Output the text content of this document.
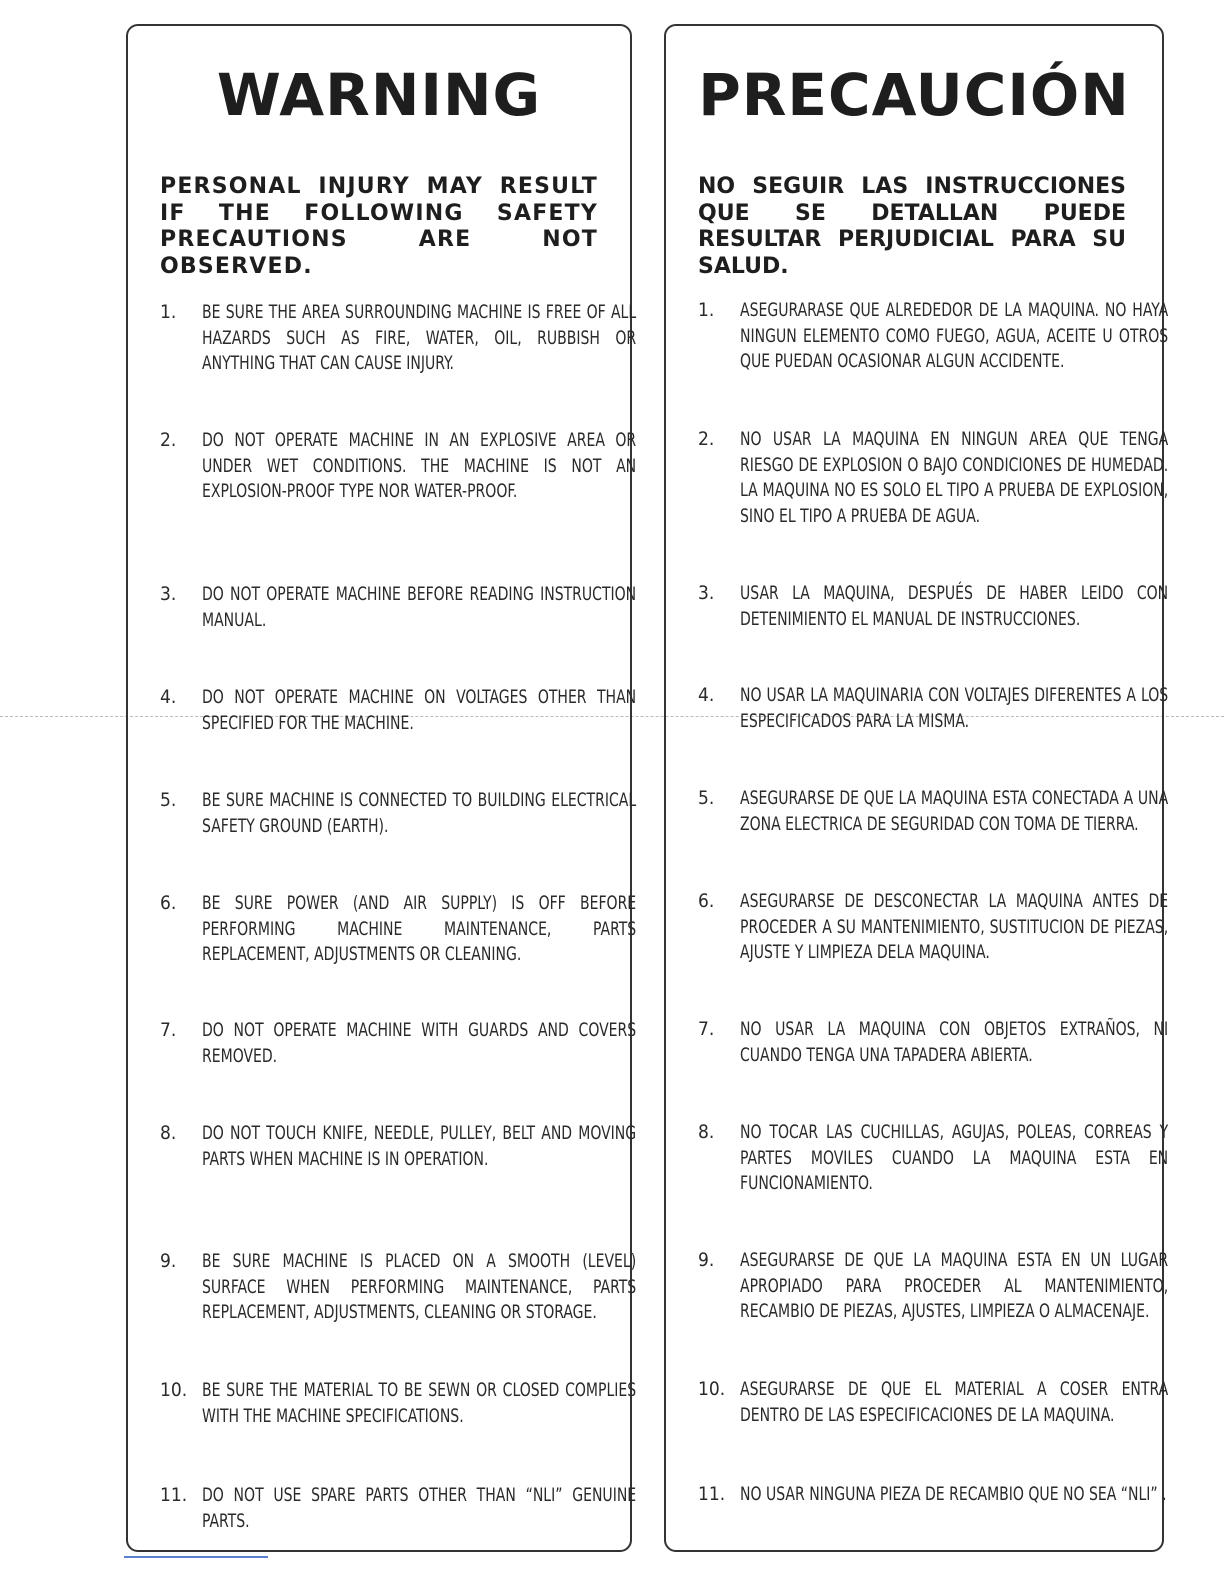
WARNING

PERSONAL INJURY MAY RESULT IF THE FOLLOWING SAFETY PRECAUTIONS ARE NOT OBSERVED.

1. BE SURE THE AREA SURROUNDING MACHINE IS FREE OF ALL HAZARDS SUCH AS FIRE, WATER, OIL, RUBBISH OR ANYTHING THAT CAN CAUSE INJURY.
2. DO NOT OPERATE MACHINE IN AN EXPLOSIVE AREA OR UNDER WET CONDITIONS. THE MACHINE IS NOT AN EXPLOSION-PROOF TYPE NOR WATER-PROOF.
3. DO NOT OPERATE MACHINE BEFORE READING INSTRUCTION MANUAL.
4. DO NOT OPERATE MACHINE ON VOLTAGES OTHER THAN SPECIFIED FOR THE MACHINE.
5. BE SURE MACHINE IS CONNECTED TO BUILDING ELECTRICAL SAFETY GROUND (EARTH).
6. BE SURE POWER (AND AIR SUPPLY) IS OFF BEFORE PERFORMING MACHINE MAINTENANCE, PARTS REPLACEMENT, ADJUSTMENTS OR CLEANING.
7. DO NOT OPERATE MACHINE WITH GUARDS AND COVERS REMOVED.
8. DO NOT TOUCH KNIFE, NEEDLE, PULLEY, BELT AND MOVING PARTS WHEN MACHINE IS IN OPERATION.
9. BE SURE MACHINE IS PLACED ON A SMOOTH (LEVEL) SURFACE WHEN PERFORMING MAINTENANCE, PARTS REPLACEMENT, ADJUSTMENTS, CLEANING OR STORAGE.
10. BE SURE THE MATERIAL TO BE SEWN OR CLOSED COMPLIES WITH THE MACHINE SPECIFICATIONS.
11. DO NOT USE SPARE PARTS OTHER THAN “NLI” GENUINE PARTS.
PRECAUCIÓN

NO SEGUIR LAS INSTRUCCIONES QUE SE DETALLAN PUEDE RESULTAR PERJUDICIAL PARA SU SALUD.

1. ASEGURARASE QUE ALREDEDOR DE LA MAQUINA. NO HAYA NINGUN ELEMENTO COMO FUEGO, AGUA, ACEITE U OTROS QUE PUEDAN OCASIONAR ALGUN ACCIDENTE.
2. NO USAR LA MAQUINA EN NINGUN AREA QUE TENGA RIESGO DE EXPLOSION O BAJO CONDICIONES DE HUMEDAD. LA MAQUINA NO ES SOLO EL TIPO A PRUEBA DE EXPLOSION, SINO EL TIPO A PRUEBA DE AGUA.
3. USAR LA MAQUINA, DESPUÉS DE HABER LEIDO CON DETENIMIENTO EL MANUAL DE INSTRUCCIONES.
4. NO USAR LA MAQUINARIA CON VOLTAJES DIFERENTES A LOS ESPECIFICADOS PARA LA MISMA.
5. ASEGURARSE DE QUE LA MAQUINA ESTA CONECTADA A UNA ZONA ELECTRICA DE SEGURIDAD CON TOMA DE TIERRA.
6. ASEGURARSE DE DESCONECTAR LA MAQUINA ANTES DE PROCEDER A SU MANTENIMIENTO, SUSTITUCION DE PIEZAS, AJUSTE Y LIMPIEZA DELA MAQUINA.
7. NO USAR LA MAQUINA CON OBJETOS EXTRAÑOS, NI CUANDO TENGA UNA TAPADERA ABIERTA.
8. NO TOCAR LAS CUCHILLAS, AGUJAS, POLEAS, CORREAS Y PARTES MOVILES CUANDO LA MAQUINA ESTA EN FUNCIONAMIENTO.
9. ASEGURARSE DE QUE LA MAQUINA ESTA EN UN LUGAR APROPIADO PARA PROCEDER AL MANTENIMIENTO, RECAMBIO DE PIEZAS, AJUSTES, LIMPIEZA O ALMACENAJE.
10. ASEGURARSE DE QUE EL MATERIAL A COSER ENTRA DENTRO DE LAS ESPECIFICACIONES DE LA MAQUINA.
11. NO USAR NINGUNA PIEZA DE RECAMBIO QUE NO SEA “NLI” .
